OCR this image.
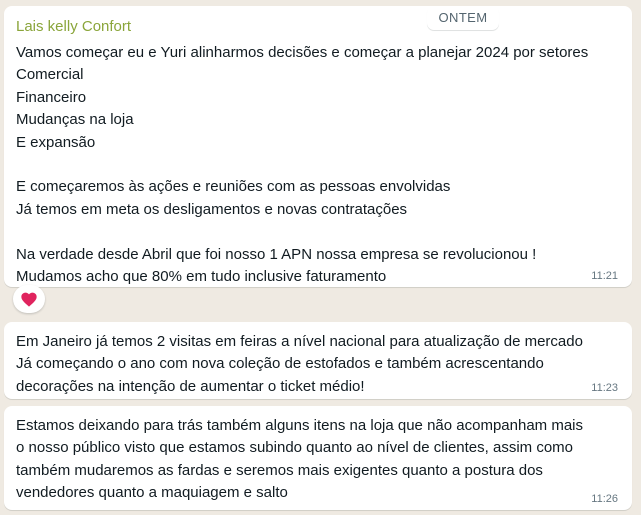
Lais kelly Confort

Vamos começar eu e Yuri alinharmos decisões e começar a planejar 2024 por setores
Comercial
Financeiro
Mudanças na loja
E expansão
E começaremos às ações e reuniões com as pessoas envolvidas
Já temos em meta os desligamentos e novas contratações
Na verdade desde Abril que foi nosso 1 APN nossa empresa se revolucionou !
Mudamos acho que 80% em tudo inclusive faturamento	11:21
ONTEM
Em Janeiro já temos 2 visitas em feiras a nível nacional para atualização de mercado
Já começando o ano com nova coleção de estofados e também acrescentando
decorações na intenção de aumentar o ticket médio!	11:23
Estamos deixando para trás também alguns itens na loja que não acompanham mais
o nosso público visto que estamos subindo quanto ao nível de clientes, assim como
também mudaremos as fardas e seremos mais exigentes quanto a postura dos
vendedores quanto a maquiagem e salto	11:26
